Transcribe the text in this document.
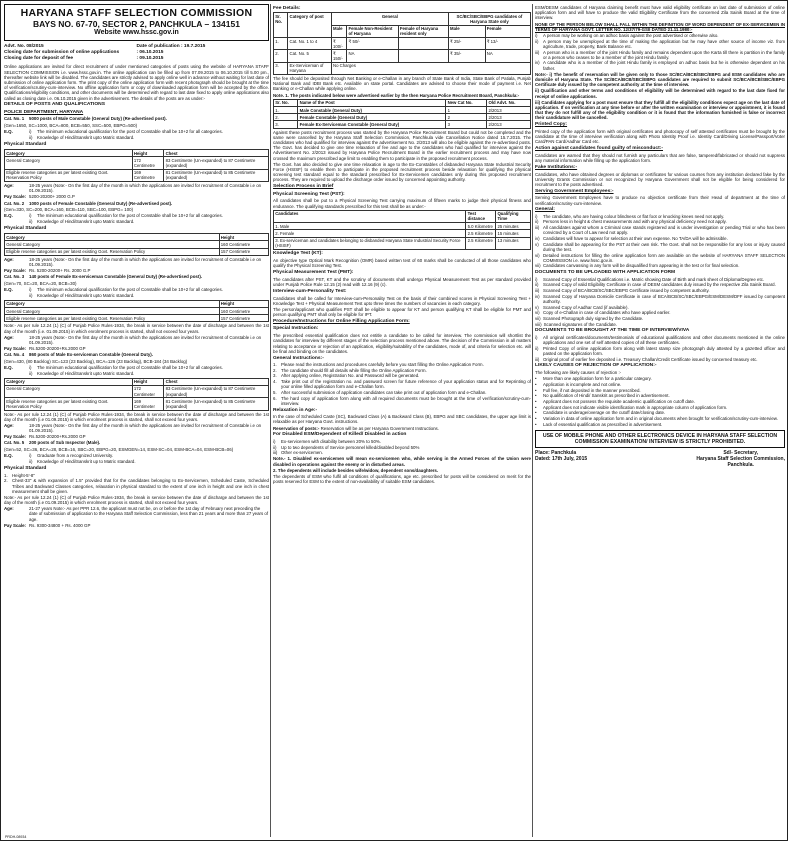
HARYANA STAFF SELECTION COMMISSION
BAYS NO. 67-70, SECTOR 2, PANCHKULA – 134151
Website www.hssc.gov.in
Advt. No. 08/2015	Date of publication : 19.7.2015
Closing date for submission of online applications	: 06.10.2015
Closing date for deposit of fee	: 09.10.2015

Online applications are invited for direct recruitment of under mentioned categories of posts using the website of HARYANA STAFF SELECTION COMMISSION i.e. www.hssc.gov.in. The online application can be filled up from 07.09.2015 to 06.10.2015 till 5.00 pm., thereafter website link will be disabled. The candidates are strictly advised to apply online well in advance without waiting for last date of submission of online application form. The print copy of the online application form with recent photograph should be brought at the time of verification/scrutiny-cum-interview. No offline application form or copy of downloaded application form will be accepted by the office. Qualifications/eligibility conditions, and other documents will be determined with regard to last date fixed to apply online applications also called as closing date i.e. 06.10.2015 given in the advertisement. The details of the posts are as under:-

DETAILS OF POSTS AND QUALIFICATIONS
POLICE DEPARTMENT, HARYANA
Cat. No. 1	5000 posts of Male Constable (General Duty) (Re-advertised post).

(Gen=1650, SC=1000, BCA=800, BCB=550, SSC=500, EBPG=500)

E.Q.	i)	The minimum educational qualification for the post of Constable shall be 10+2 for all categories.
ii)	Knowledge of Hindi/Sanskrit upto Matric standard.
Physical Standard
Category	Height	Chest
General Category	172 Centimetre	83 Centimetre (Un-expanded) to 87 Centimetre (expanded)
Eligible reserve categories as per latest existing Govt. Reservation Policy	169 Centimetre	81 Centimetre (Un-expanded) to 85 Centimetre (expanded)
Age:	18-25 years (Note:- On the first day of the month in which the applications are invited for recruitment of Constable i.e on 01.09.2015).
Pay Scale: 5200-20200+ 2000 G.P
Cat. No. 2	1000 posts of Female Constable (General Duty) (Re-advertised post).

(Gen=330, SC=200, BCA=160, BCB=110, SBC=100, EBPG= 100)

E.Q.	i)	The minimum educational qualification for the post of Constable shall be 10+2 for all categories.
ii)	Knowledge of Hindi/Sanskrit upto Matric standard.
Physical Standard
Category	Height
General Category	160 Centimetre
Eligible reserve categories as per latest existing Govt. Reservation Policy	157 Centimetre
Age:	18-25 years (Note:- On the first day of the month in which the applications are invited for recruitment of Constable i.e on 01.09.2015).
Pay Scale: Rs. 5200-20200+ Rs. 2000 G.P
Cat. No. 3	140 posts of Female Ex-serviceman Constable (General Duty) (Re-advertised post).

(Gen=70, SC=20, BCA=20, BCB=30)

E.Q.	i)	The minimum educational qualification for the post of Constable shall be 10+2 for all categories.
ii)	Knowledge of Hindi/Sanskrit upto Matric standard.
Category	Height
General Category	160 Centimetre
Eligible reserve categories as per latest existing Govt. Reservation Policy	157 Centimetre

Note:- As per rule 12.24 (1) (C) of Punjab Police Rules-1934, the break in service between the date of discharge and between the 1st day of the month (i.e. 01.09.2015) in which enrolment process is started, shall not exceed four years.

Age:	18-25 years (Note:- On the first day of the month in which the applications are invited for recruitment of Constable i.e on 01.09.2015).
Pay Scale: Rs.5200-20200+Rs.2000 GP
Cat. No. 4	860 posts of Male Ex-serviceman Constable (General Duty).

(Gen=430, (80 Backlog) SC=123 (23 Backlog), BCA=126 (23 Backlog), BCB-184 (34 Backlog)

E.Q.	i)	The minimum educational qualification for the post of Constable shall be 10+2 for all categories.
ii)	Knowledge of Hindi/Sanskrit upto Matric standard.
Category	Height	Chest
General Category	172 Centimeter	83 Centimetre (Un-expanded) to 87 Centimetre (expanded)
Eligible reserve categories as per latest existing Govt. Reservation Policy	169 Centimeter	81 Centimetre (Un-expanded) to 85 Centimetre (expanded)

Note:- As per rule 12.24 (1) (C) of Punjab Police Rules-1934, the break in service between the date of discharge and between the 1st day of the month (i.e 01.09.2015) in which enrolment process is started, shall not exceed four years.

Age:	18-25 years (Note:- On the first day of the month in which the applications are invited for recruitment of Constable i.e on 01.09.2015).
Pay Scale: Rs.5200-20200+Rs.2000 GP
Cat. No. 5	200 posts of Sub Inspector (Male).

(Gen=52, SC=36, BCA=28, BCB=16, SBC=20, EBPG=20, ESMGEN=14, ESM-SC=04, ESM-BCA=04, ESM-BCB=06)

E.Q.	i)	Graduate from a recognized University.
ii)	Knowledge of Hindi/Sanskrit up to Matric standard.
Physical Standard
1. Height-5'-8"
2. Chest-33" & with expansion of 1.5" provided that for the candidates belonging to Ex-Servicemen, Scheduled Caste, Scheduled Tribes and Backward Classes categories, relaxation in physical standard to the extent of one inch in height and one inch in chest measurement shall be given.

Note:- As per rule 12.24 (1) (C) of Punjab Police Rules-1934, the break in service between the date of discharge and between the 1st day of the month (i.e 01.09.2015) in which enrolment process is started, shall not exceed four years.

Age:	21-27 years Note:- As per PPR 12.6, the applicant must not be, on or before the 1st day of February next preceding the date of submission of application to the Haryana Staff Selection Commission, less than 21 years and more than 27 years of age.
Pay Scale: Rs. 9300-34800 + Rs. 4000 GP
Fee Details:
Sr. No.	Category of post	General			SC/BC/SBC/EBPG candidates of Haryana State only	
		Male	Female Non-Resident of Haryana	Female of Haryana resident only	Male	Female
1.	Cat. No. 1 to 4	₹ 100/-	₹ 50/-		₹ 25/-	₹ 13/-
2.	Cat. No. 5	₹ 150/-	NA		₹ 35/-	NA
3.	Ex-Serviceman of Haryana	No Charges				

The fee should be deposited through Net Banking or e-Challan in any branch of State Bank of India, State Bank of Patiala, Punjab National Bank and IDBI Bank etc. Available on state portal. Candidates are advised to choose their mode of payment i.e. Net Banking or e-Challan while applying online.

Note. 1. The posts indicated below were advertised earlier by the then Haryana Police Recruitment Board, Panchkula:-

Sr. No.	Name of the Post	New Cat No.	Old Advt. No.
1.	Male Constable (General Duty)	1	2/2013
2.	Female Constable (General Duty)	2	2/2013
3.	Female Ex-Serviceman Constable (General Duty)	3	2/2013

Against these posts recruitment process was started by the Haryana Police Recruitment Board but could not be completed and the same were cancelled by the Haryana Staff Selection Commission, Panchkula vide Cancellation Notice dated 15.7.2015. The candidates who had qualified for interview against the advertisement No. 2/2013 will also be eligible against the re-advertised posts. The Govt. has decided to give one time relaxation of fee and age to the candidates who had qualified for interview against the Advertisement No. 2/2013 issued by Haryana Police Recruitment Board in the earlier recruitment process and may have now crossed the maximum prescribed age limit to enabling them to participate in the proposed recruitment process.

The Govt. has also decided to give one time relaxation in age to the Ex-Constables of disbanded Haryana State Industrial Security Force (HSISF) to enable them to participate in the proposed recruitment process beside relaxation for qualifying the physical screening test standard equal to the standard prescribed for Ex-Servicemen candidates only during this proposed recruitment process. They are required to upload the discharge order issued by concerned appointing authority.

Selection Process in Brief
Physical Screening Test (PST):

All candidates shall be put to a Physical Screening Test carrying maximum of fifteen marks to judge their physical fitness and endurance. The qualifying standards prescribed for this test shall be as under:-

Candidates	Test distance	Qualifying Time
1. Male	5.0 Kilometre	25 minutes
2. Female	2.5 Kilometre	15 minutes
3. Ex-serviceman and candidates belonging to disbanded Haryana State Industrial Security Force (HSISF)	2.5 Kilometre	13 minutes
Knowledge Test (KT):

An objective type Optical Mark Recognition (OMR) based written test of 60 marks shall be conducted of all those candidates who qualify the Physical Screening Test.

Physical Measurement Test (PMT):

The candidates after PST, KT and the scrutiny of documents shall undergo Physical Measurement Test as per standard provided under Punjab Police Rule 12.15 (2) read with 12.16 (9) (c).

Interview-cum-Personality Test:

Candidates shall be called for Interview-cum-Personality Test on the basis of their combined scores in Physical Screening Test + Knowledge Test + Physical Measurement Test upto three times the numbers of vacancies in each category.

The person/applicant who qualifies PST shall be eligible to appear for KT and person qualifying KT shall be eligible for PMT and person qualifying PMT shall only be eligible for IPT.

Procedure/Instructions for Online Filling Application Form:
Special Instruction:

The prescribed essential qualification does not entitle a candidate to be called for interview. The commission will shortlist the candidates for interview by different stages of the selection process mentioned above. The decision of the Commission in all matters relating to acceptance or rejection of an application, eligibility/suitability of the candidates, mode of, and criteria for selection etc. will be final and binding on the candidates.

General Instructions:-
1. Please read the instructions and procedures carefully before you start filling the Online Application Form.
2. The candidate should fill all details while filling the Online Application Form.
3. After applying online, Registration No. and Password will be generated.
4. Take print out of the registration no. and password screen for future reference of your application status and for Reprinting of your online filled application form and e-Challan form.
5. After successful submission of application candidates can take print out of application form and e-Challan.
6. The hard copy of application form along with all required documents must be brought at the time of verification/scrutiny-cum-interview.
Relaxation in Age:-

In the case of Scheduled Caste (SC), Backward Class (A) & Backward Class (B), EBPG and SBC candidates, the upper age limit is relaxable as per Haryana Govt. instructions.

Reservation of posts:- Reservation will be as per Haryana Government Instructions.

For Disabled ESM/Dependent of Killed/ Disabled in action
i)	Ex-servicemen with disability between 20% to 50%.
ii)	Up to two dependents of Service personnel killed/disabled beyond 50%
iii) Other ex-servicemen.

Note.- 1. Disabled ex-servicemen will mean ex-servicemen who, while serving in the Armed Forces of the Union were disabled in operations against the enemy or in disturbed areas.

2. The dependents will include besides wife/widow, dependent sons/daughters.

The dependents of ESM who fulfil all conditions of qualifications, age etc. prescribed for posts will be considered on merit for the posts reserved for ESM to the extent of non-availability of suitable ESM candidates.

ESM/DESM candidates of Haryana claiming benefit must have valid eligibility certificate on last date of submission of online application form and will have to produce the valid Eligibility Certificate from the concerned Zila Sainik Board at the time of interview.

NONE OF THE PERSON BELOW SHALL FALL WITHIN THE DEFINITION OF WORD DEPENDENT OF EX-SERVICEMEN IN TERMS OF HARYANA GOVT. LETTER NO. 12/37/79-GSII DATED 21.11.1980:-

i)	A person may be working on an adhoc basis against the post advertised or otherwise also.
ii)	A person may be unemployed at the time of making the application but he may have other source of income viz. from agriculture, trade, property, Bank Balance etc.
iii) A person who is a member of the joint Hindu family and remains dependent upon the Karta till there is partition in the family or a person who ceases to be a member of the joint Hindu family.
iv) A candidate who is a member of the joint Hindu family is employed on adhoc basis but he is otherwise dependent on his father.

Note:- i) The benefit of reservation will be given only to those SC/BCA/BCB/SBC/EBPG and ESM candidates who are domicile of Haryana State. The SC/BCA/BCB/SBC/EBPG candidates are required to submit SC/BCA/BCB/SBC/EBPG Certificate duly issued by the competent authority at the time of interview.

ii) Qualification and other terms and conditions of eligibility will be determined with regard to the last date fixed for receipt of online applications.

iii) Candidates applying for a post must ensure that they fulfill all the eligibility conditions expect age on the last date of application. If on verification at any time before or after the written examination or interview or appointment, it is found that they do not fulfill any of the eligibility condition or it is found that the information furnished is false or incorrect their candidature will be cancelled.

Printed Copy:

Printed copy of the application form with original certificates and photocopy of self attested certificates must be brought by the candidate at the time of interview verification along with Photo Identity Proof i.e. Identity Card/Driving License/Passport/Voter Card/PAN Card/Aadhar Card etc.

Action against candidates found guilty of misconduct:-

Candidates are warned that they should not furnish any particulars that are false, tampered/fabricated or should not suppress any material information while filling up the application form.

Fake Institutions:-

Candidates, who have obtained degrees or diplomas or certificates for various courses from any institution declared fake by the University Grants Commission or not recognized by Haryana Government shall not be eligible for being considered for recruitment to the posts advertised.

Serving Government Employees:-

Serving Government Employees have to produce no objection certificate from their Head of department at the time of verification/scrutiny-cum-interview.

General:
i)	The candidate, who are having colour blindness or flat foot or knocking knees need not apply.
ii)	Persons less in height & chest measurements and with any physical deficiency need not apply.
iii) All candidates against whom a Criminal case stands registered and is under investigation or pending Trial or who has been convicted by a Court of Law need not apply.
iv) Candidates will have to appear for selection at their own expense. No TA/DA will be admissible.
v) Candidate shall be appearing for the PST at their own risk. The Govt. shall not be responsible for any loss or injury caused during the test.
vi) Detailed instructions for filling the online application form are available on the website of HARYANA STAFF SELECTION COMMISSION i.e. www.hssc.gov.in.
vii) Candidates canvassing in any form will be disqualified from appearing in the test or for final selection.
DOCUMENTS TO BE UPLOADED WITH APPLICATION FORM
i)	Scanned Copy of Essential Qualifications i.e. Matric showing Date of Birth and mark sheet of Diploma/Degree etc.
ii)	Scanned Copy of valid Eligibility Certificate in case of DESM candidates duly issued by the respective Zila Sainik Board.
iii) Scanned Copy of BCA/BCB/SC/SBC/EBPG Certificate issued by competent authority.
iv) Scanned Copy of Haryana Domicile Certificate in case of BCA/BCB/SC/SBC/EBPG/ESM/DESM/DFF issued by competent authority.
v) Scanned Copy of Aadhar Card (if available).
vi) Copy of e-Challan in case of candidates who have applied earlier.
vii) Scanned Photograph duly signed by the Candidate.
viii) Scanned signatures of the Candidate.
DOCUMENTS TO BE BROUGHT AT THE TIME OF INTERVIEW/VIVA
i)	All original certificates/documents/testimonials of educational qualifications and other documents mentioned in the online applications and one set of self attested copies of all these certificates.
ii)	Printed Copy of online application form along with latest stamp size photograph duly attested by a gazetted officer and pasted on the application form.
iii) Original proof of earlier fee deposited i.e. Treasury Challan/Credit Certificate issued by concerned treasury etc.
LIKELY CAUSES OF REJECTION OF APPLICATION:-

The following are likely causes of rejection :-

•	More than one application form for a particular category.
•	Application is incomplete and not online.
•	Full fee, if not deposited in the manner prescribed.
•	No qualification of Hindi/ Sanskrit as prescribed in advertisement.
•	Applicant does not possess the requisite academic qualification on cutoff date.
•	Applicant does not indicate visible identification mark in appropriate column of application form.
•	Candidate is underage/overage on the cutoff date/closing date.
•	Variation in data of online application form and in original documents when brought for verification/scrutiny-cum-interview.
•	Lack of essential qualification as prescribed in advertisement.
USE OF MOBILE PHONE AND OTHER ELECTRONICS DEVICE IN HARYANA STAFF SELECTION COMMISSION EXAMINATION/ INTERVIEW IS STRICTLY PROHIBITED.
Place: Panchkula
Dated: 17th July, 2015
Sd/- Secretary,
Haryana Staff Selection Commission,
Panchkula.
PRDH-08934
